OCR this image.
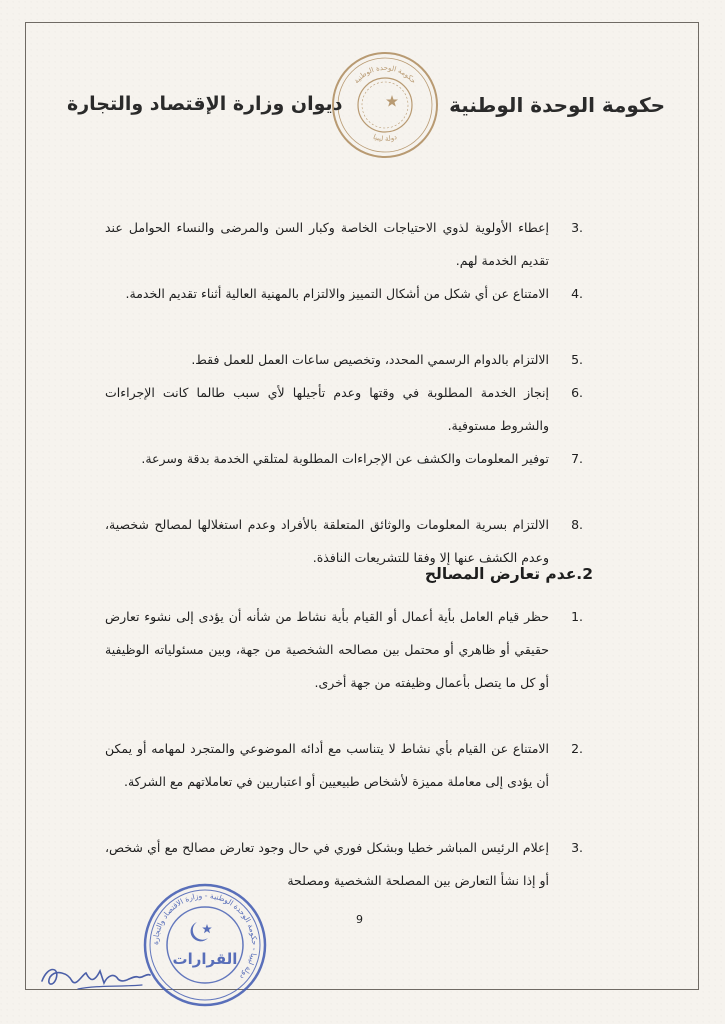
حكومة الوحدة الوطنية
حكومة الوحدة الوطنية
دولة ليبيا
ديوان وزارة الإقتصاد والتجارة

3.
إعطاء الأولوية لذوي الاحتياجات الخاصة وكبار السن والمرضى والنساء الحوامل عند تقديم الخدمة لهم.

4.
الامتناع عن أي شكل من أشكال التمييز والالتزام بالمهنية العالية أثناء تقديم الخدمة.

5.
الالتزام بالدوام الرسمي المحدد، وتخصيص ساعات العمل للعمل فقط.

6.
إنجاز الخدمة المطلوبة في وقتها وعدم تأجيلها لأي سبب طالما كانت الإجراءات والشروط مستوفية.

7.
توفير المعلومات والكشف عن الإجراءات المطلوبة لمتلقي الخدمة بدقة وسرعة.

8.
الالتزام بسرية المعلومات والوثائق المتعلقة بالأفراد وعدم استغلالها لمصالح شخصية، وعدم الكشف عنها إلا وفقا للتشريعات النافذة.

2.عدم تعارض المصالح

1.
حظر قيام العامل بأية أعمال أو القيام بأية نشاط من شأنه أن يؤدى إلى نشوء تعارض حقيقي أو ظاهري أو محتمل بين مصالحه الشخصية من جهة، وبين مسئولياته الوظيفية أو كل ما يتصل بأعمال وظيفته من جهة أخرى.

2.
الامتناع عن القيام بأي نشاط لا يتناسب مع أدائه الموضوعي والمتجرد لمهامه أو يمكن أن يؤدى إلى معاملة مميزة لأشخاص طبيعيين أو اعتباريين في تعاملاتهم مع الشركة.

3.
إعلام الرئيس المباشر خطيا وبشكل فوري في حال وجود تعارض مصالح مع أي شخص، أو إذا نشأ التعارض بين المصلحة الشخصية ومصلحة

9
دولة ليبيا - حكومة الوحدة الوطنية - وزارة الاقتصاد والتجارة
القرارات
